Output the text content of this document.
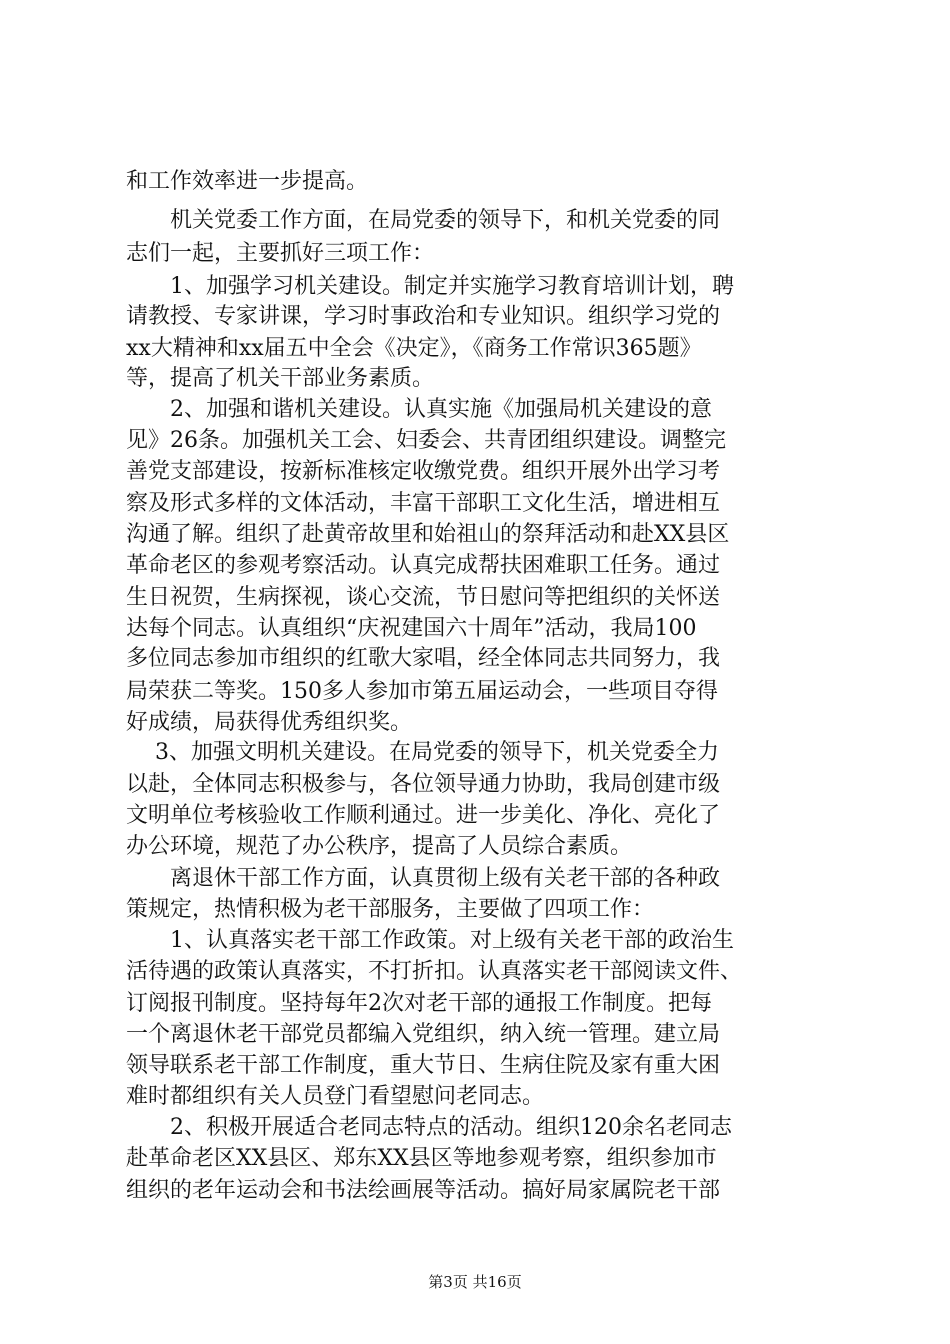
和工作效率进一步提高。
　　机关党委工作方面，在局党委的领导下，和机关党委的同
志们一起，主要抓好三项工作：
　　1、加强学习机关建设。制定并实施学习教育培训计划，聘
请教授、专家讲课，学习时事政治和专业知识。组织学习党的
xx大精神和xx届五中全会《决定》，《商务工作常识365题》
等，提高了机关干部业务素质。
　　2、加强和谐机关建设。认真实施《加强局机关建设的意
见》26条。加强机关工会、妇委会、共青团组织建设。调整完
善党支部建设，按新标准核定收缴党费。组织开展外出学习考
察及形式多样的文体活动，丰富干部职工文化生活，增进相互
沟通了解。组织了赴黄帝故里和始祖山的祭拜活动和赴XX县区
革命老区的参观考察活动。认真完成帮扶困难职工任务。通过
生日祝贺，生病探视，谈心交流，节日慰问等把组织的关怀送
达每个同志。认真组织“庆祝建国六十周年”活动，我局100
多位同志参加市组织的红歌大家唱，经全体同志共同努力，我
局荣获二等奖。150多人参加市第五届运动会，一些项目夺得
好成绩，局获得优秀组织奖。
　 3、加强文明机关建设。在局党委的领导下，机关党委全力
以赴，全体同志积极参与，各位领导通力协助，我局创建市级
文明单位考核验收工作顺利通过。进一步美化、净化、亮化了
办公环境，规范了办公秩序，提高了人员综合素质。
　　离退休干部工作方面，认真贯彻上级有关老干部的各种政
策规定，热情积极为老干部服务，主要做了四项工作：
　　1、认真落实老干部工作政策。对上级有关老干部的政治生
活待遇的政策认真落实，不打折扣。认真落实老干部阅读文件、
订阅报刊制度。坚持每年2次对老干部的通报工作制度。把每
一个离退休老干部党员都编入党组织，纳入统一管理。建立局
领导联系老干部工作制度，重大节日、生病住院及家有重大困
难时都组织有关人员登门看望慰问老同志。
　　2、积极开展适合老同志特点的活动。组织120余名老同志
赴革命老区XX县区、郑东XX县区等地参观考察，组织参加市
组织的老年运动会和书法绘画展等活动。搞好局家属院老干部
第3页 共16页
